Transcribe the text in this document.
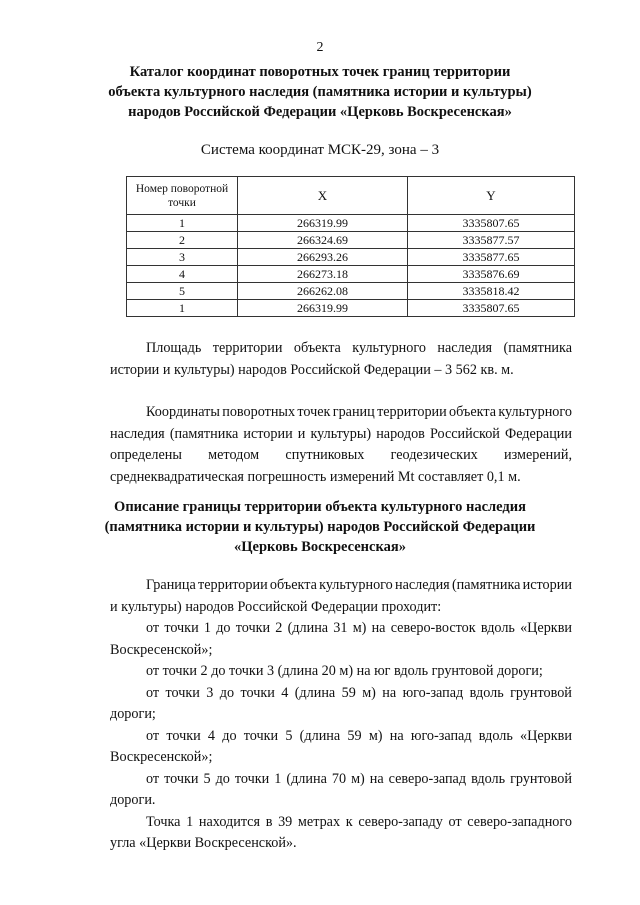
2
Каталог координат поворотных точек границ территории
объекта культурного наследия (памятника истории и культуры)
народов Российской Федерации «Церковь Воскресенская»
Система координат МСК-29, зона – 3
Номер поворотной
точки	X	Y
1	266319.99	3335807.65
2	266324.69	3335877.57
3	266293.26	3335877.65
4	266273.18	3335876.69
5	266262.08	3335818.42
1	266319.99	3335807.65
Площадь территории объекта культурного наследия (памятника
истории и культуры) народов Российской Федерации – 3 562 кв. м.
Координаты поворотных точек границ территории объекта культурного
наследия (памятника истории и культуры) народов Российской Федерации
определены методом спутниковых геодезических измерений,
среднеквадратическая погрешность измерений Mt составляет 0,1 м.
Описание границы территории объекта культурного наследия
(памятника истории и культуры) народов Российской Федерации
«Церковь Воскресенская»
Граница территории объекта культурного наследия (памятника истории
и культуры) народов Российской Федерации проходит:
от точки 1 до точки 2 (длина 31 м) на северо-восток вдоль «Церкви
Воскресенской»;
от точки 2 до точки 3 (длина 20 м) на юг вдоль грунтовой дороги;
от точки 3 до точки 4 (длина 59 м) на юго-запад вдоль грунтовой
дороги;
от точки 4 до точки 5 (длина 59 м) на юго-запад вдоль «Церкви
Воскресенской»;
от точки 5 до точки 1 (длина 70 м) на северо-запад вдоль грунтовой
дороги.
Точка 1 находится в 39 метрах к северо-западу от северо-западного
угла «Церкви Воскресенской».
